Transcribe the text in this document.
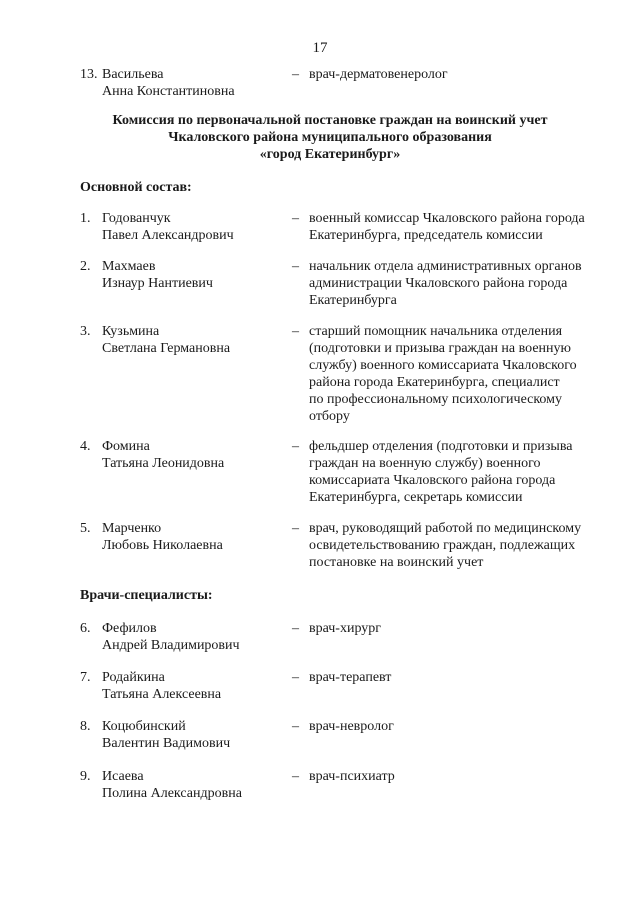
17
13. Васильева
Анна Константиновна
– врач-дерматовенеролог
Комиссия по первоначальной постановке граждан на воинский учет
Чкаловского района муниципального образования
«город Екатеринбург»
Основной состав:
1. Годованчук
Павел Александрович
– военный комиссар Чкаловского района города
Екатеринбурга, председатель комиссии
2. Махмаев
Изнаур Нантиевич
– начальник отдела административных органов
администрации Чкаловского района города
Екатеринбурга
3. Кузьмина
Светлана Германовна
– старший помощник начальника отделения
(подготовки и призыва граждан на военную
службу) военного комиссариата Чкаловского
района города Екатеринбурга, специалист
по профессиональному психологическому
отбору
4. Фомина
Татьяна Леонидовна
– фельдшер отделения (подготовки и призыва
граждан на военную службу) военного
комиссариата Чкаловского района города
Екатеринбурга, секретарь комиссии
5. Марченко
Любовь Николаевна
– врач, руководящий работой по медицинскому
освидетельствованию граждан, подлежащих
постановке на воинский учет
Врачи-специалисты:
6. Фефилов
Андрей Владимирович
– врач-хирург
7. Родайкина
Татьяна Алексеевна
– врач-терапевт
8. Коцюбинский
Валентин Вадимович
– врач-невролог
9. Исаева
Полина Александровна
– врач-психиатр
